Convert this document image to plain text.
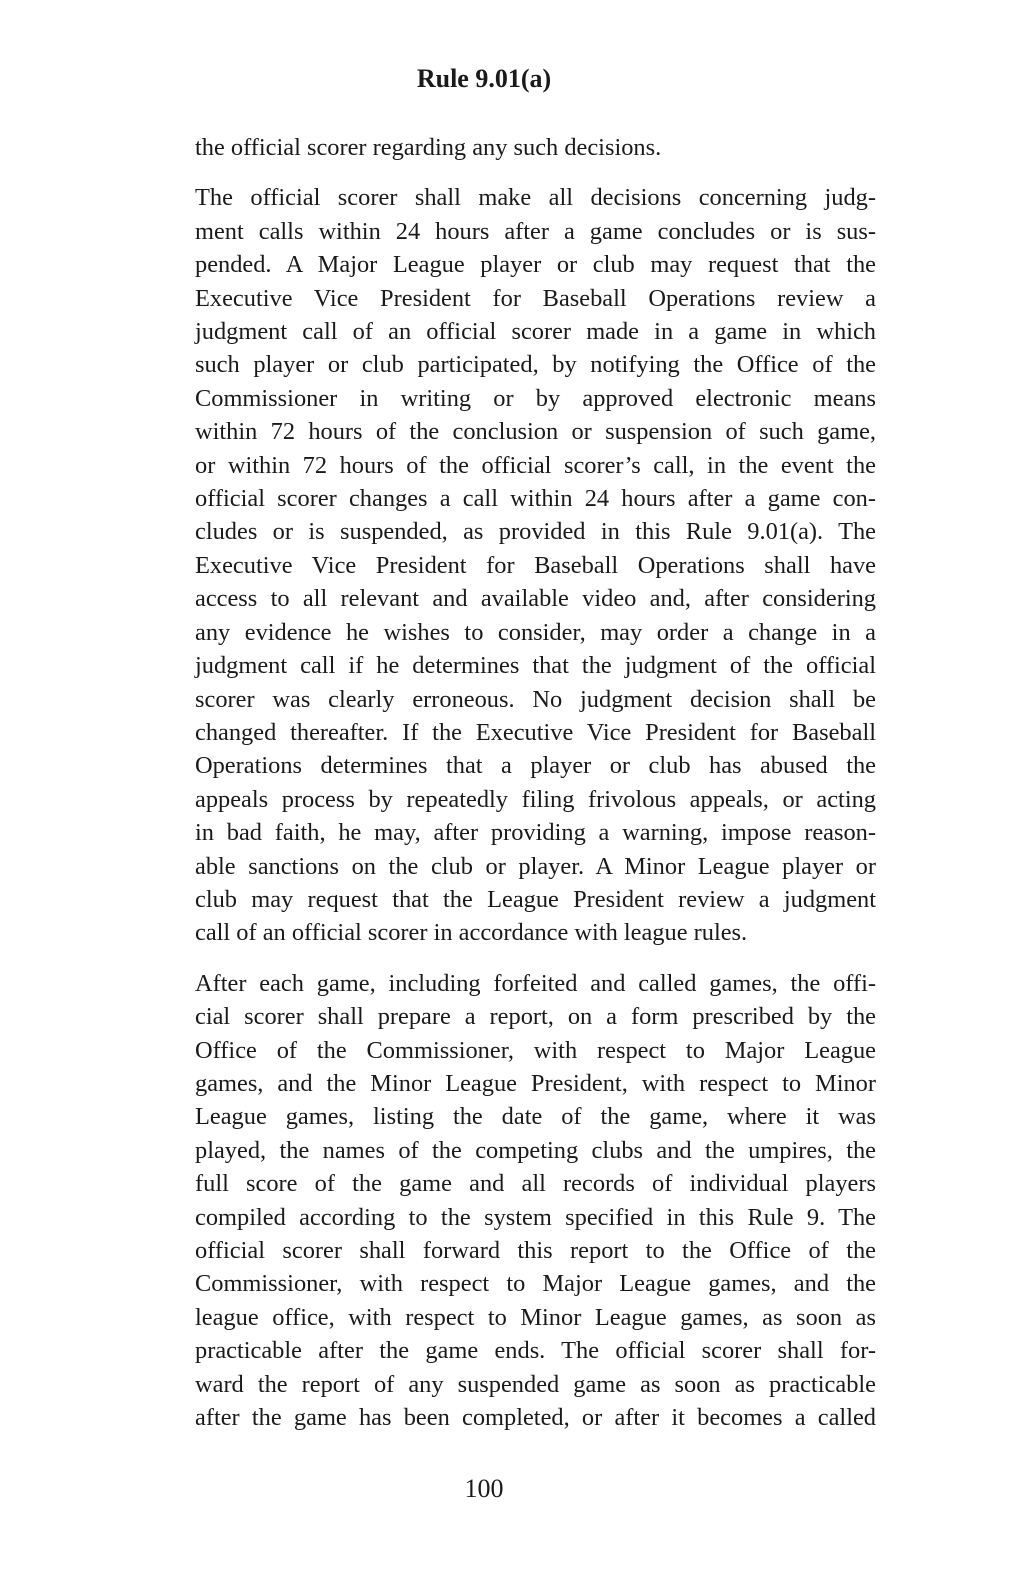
Rule 9.01(a)

the official scorer regarding any such decisions.

The official scorer shall make all decisions concerning judg-
ment calls within 24 hours after a game concludes or is sus-
pended. A Major League player or club may request that the
Executive Vice President for Baseball Operations review a
judgment call of an official scorer made in a game in which
such player or club participated, by notifying the Office of the
Commissioner in writing or by approved electronic means
within 72 hours of the conclusion or suspension of such game,
or within 72 hours of the official scorer’s call, in the event the
official scorer changes a call within 24 hours after a game con-
cludes or is suspended, as provided in this Rule 9.01(a). The
Executive Vice President for Baseball Operations shall have
access to all relevant and available video and, after considering
any evidence he wishes to consider, may order a change in a
judgment call if he determines that the judgment of the official
scorer was clearly erroneous. No judgment decision shall be
changed thereafter. If the Executive Vice President for Baseball
Operations determines that a player or club has abused the
appeals process by repeatedly filing frivolous appeals, or acting
in bad faith, he may, after providing a warning, impose reason-
able sanctions on the club or player. A Minor League player or
club may request that the League President review a judgment
call of an official scorer in accordance with league rules.

After each game, including forfeited and called games, the offi-
cial scorer shall prepare a report, on a form prescribed by the
Office of the Commissioner, with respect to Major League
games, and the Minor League President, with respect to Minor
League games, listing the date of the game, where it was
played, the names of the competing clubs and the umpires, the
full score of the game and all records of individual players
compiled according to the system specified in this Rule 9. The
official scorer shall forward this report to the Office of the
Commissioner, with respect to Major League games, and the
league office, with respect to Minor League games, as soon as
practicable after the game ends. The official scorer shall for-
ward the report of any suspended game as soon as practicable
after the game has been completed, or after it becomes a called

100
